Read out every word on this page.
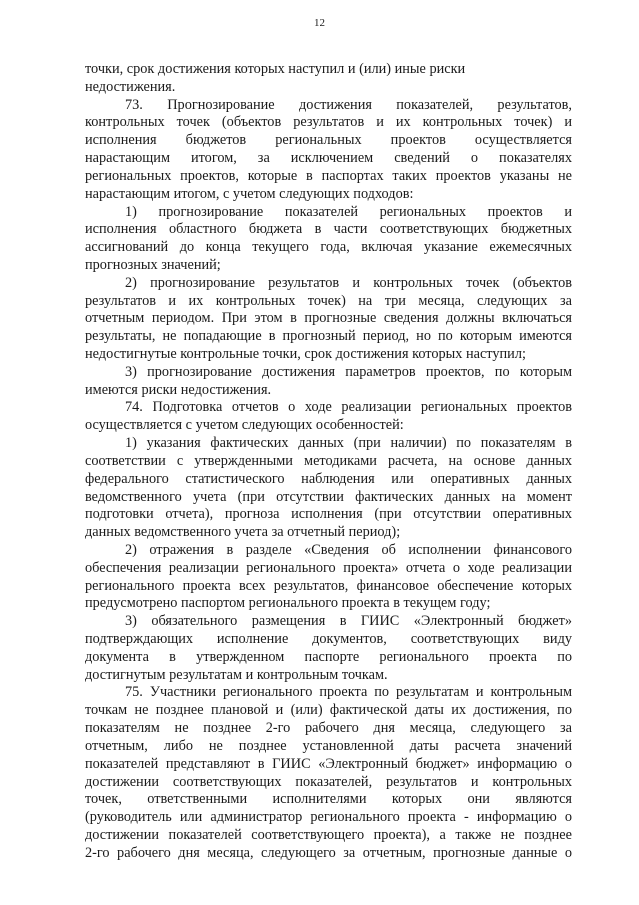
12

точки, срок достижения которых наступил и (или) иные риски
недостижения.

73. Прогнозирование достижения показателей, результатов,
контрольных точек (объектов результатов и их контрольных точек) и
исполнения бюджетов региональных проектов осуществляется
нарастающим итогом, за исключением сведений о показателях
региональных проектов, которые в паспортах таких проектов указаны не
нарастающим итогом, с учетом следующих подходов:

1) прогнозирование показателей региональных проектов и
исполнения областного бюджета в части соответствующих бюджетных
ассигнований до конца текущего года, включая указание ежемесячных
прогнозных значений;

2) прогнозирование результатов и контрольных точек (объектов
результатов и их контрольных точек) на три месяца, следующих за
отчетным периодом. При этом в прогнозные сведения должны включаться
результаты, не попадающие в прогнозный период, но по которым имеются
недостигнутые контрольные точки, срок достижения которых наступил;

3) прогнозирование достижения параметров проектов, по которым
имеются риски недостижения.

74. Подготовка отчетов о ходе реализации региональных проектов
осуществляется с учетом следующих особенностей:

1) указания фактических данных (при наличии) по показателям в
соответствии с утвержденными методиками расчета, на основе данных
федерального статистического наблюдения или оперативных данных
ведомственного учета (при отсутствии фактических данных на момент
подготовки отчета), прогноза исполнения (при отсутствии оперативных
данных ведомственного учета за отчетный период);

2) отражения в разделе «Сведения об исполнении финансового
обеспечения реализации регионального проекта» отчета о ходе реализации
регионального проекта всех результатов, финансовое обеспечение которых
предусмотрено паспортом регионального проекта в текущем году;

3) обязательного размещения в ГИИС «Электронный бюджет»
подтверждающих исполнение документов, соответствующих виду
документа в утвержденном паспорте регионального проекта по
достигнутым результатам и контрольным точкам.

75. Участники регионального проекта по результатам и контрольным
точкам не позднее плановой и (или) фактической даты их достижения, по
показателям не позднее 2-го рабочего дня месяца, следующего за
отчетным, либо не позднее установленной даты расчета значений
показателей представляют в ГИИС «Электронный бюджет» информацию о
достижении соответствующих показателей, результатов и контрольных
точек, ответственными исполнителями которых они являются
(руководитель или администратор регионального проекта - информацию о
достижении показателей соответствующего проекта), а также не позднее
2-го рабочего дня месяца, следующего за отчетным, прогнозные данные о
